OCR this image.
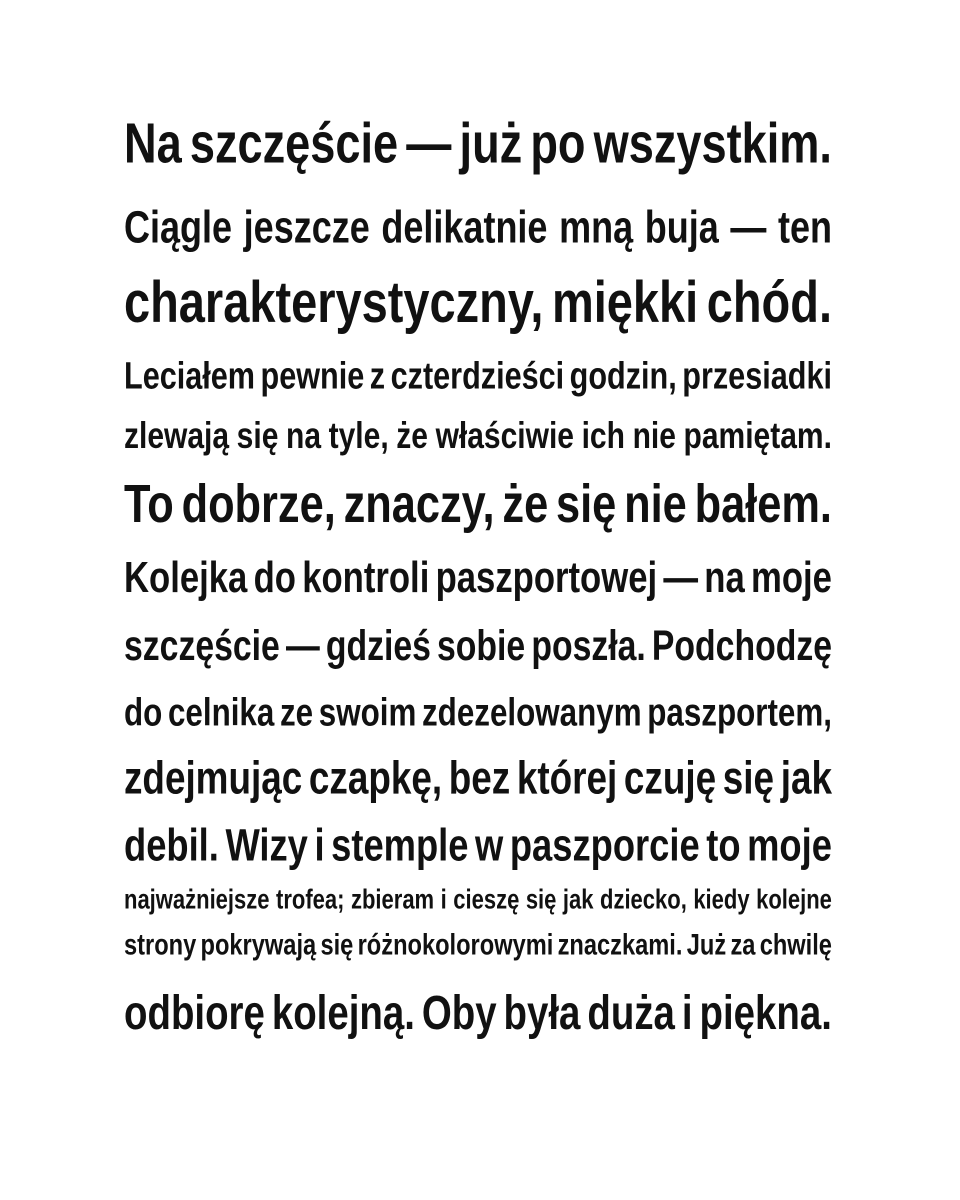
Na szczęście — już po wszystkim.
Ciągle jeszcze delikatnie mną buja — ten
charakterystyczny, miękki chód.
Leciałem pewnie z czterdzieści godzin, przesiadki
zlewają się na tyle, że właściwie ich nie pamiętam.
To dobrze, znaczy, że się nie bałem.
Kolejka do kontroli paszportowej — na moje
szczęście — gdzieś sobie poszła. Podchodzę
do celnika ze swoim zdezelowanym paszportem,
zdejmując czapkę, bez której czuję się jak
debil. Wizy i stemple w paszporcie to moje
najważniejsze trofea; zbieram i cieszę się jak dziecko, kiedy kolejne
strony pokrywają się różnokolorowymi znaczkami. Już za chwilę
odbiorę kolejną. Oby była duża i piękna.
